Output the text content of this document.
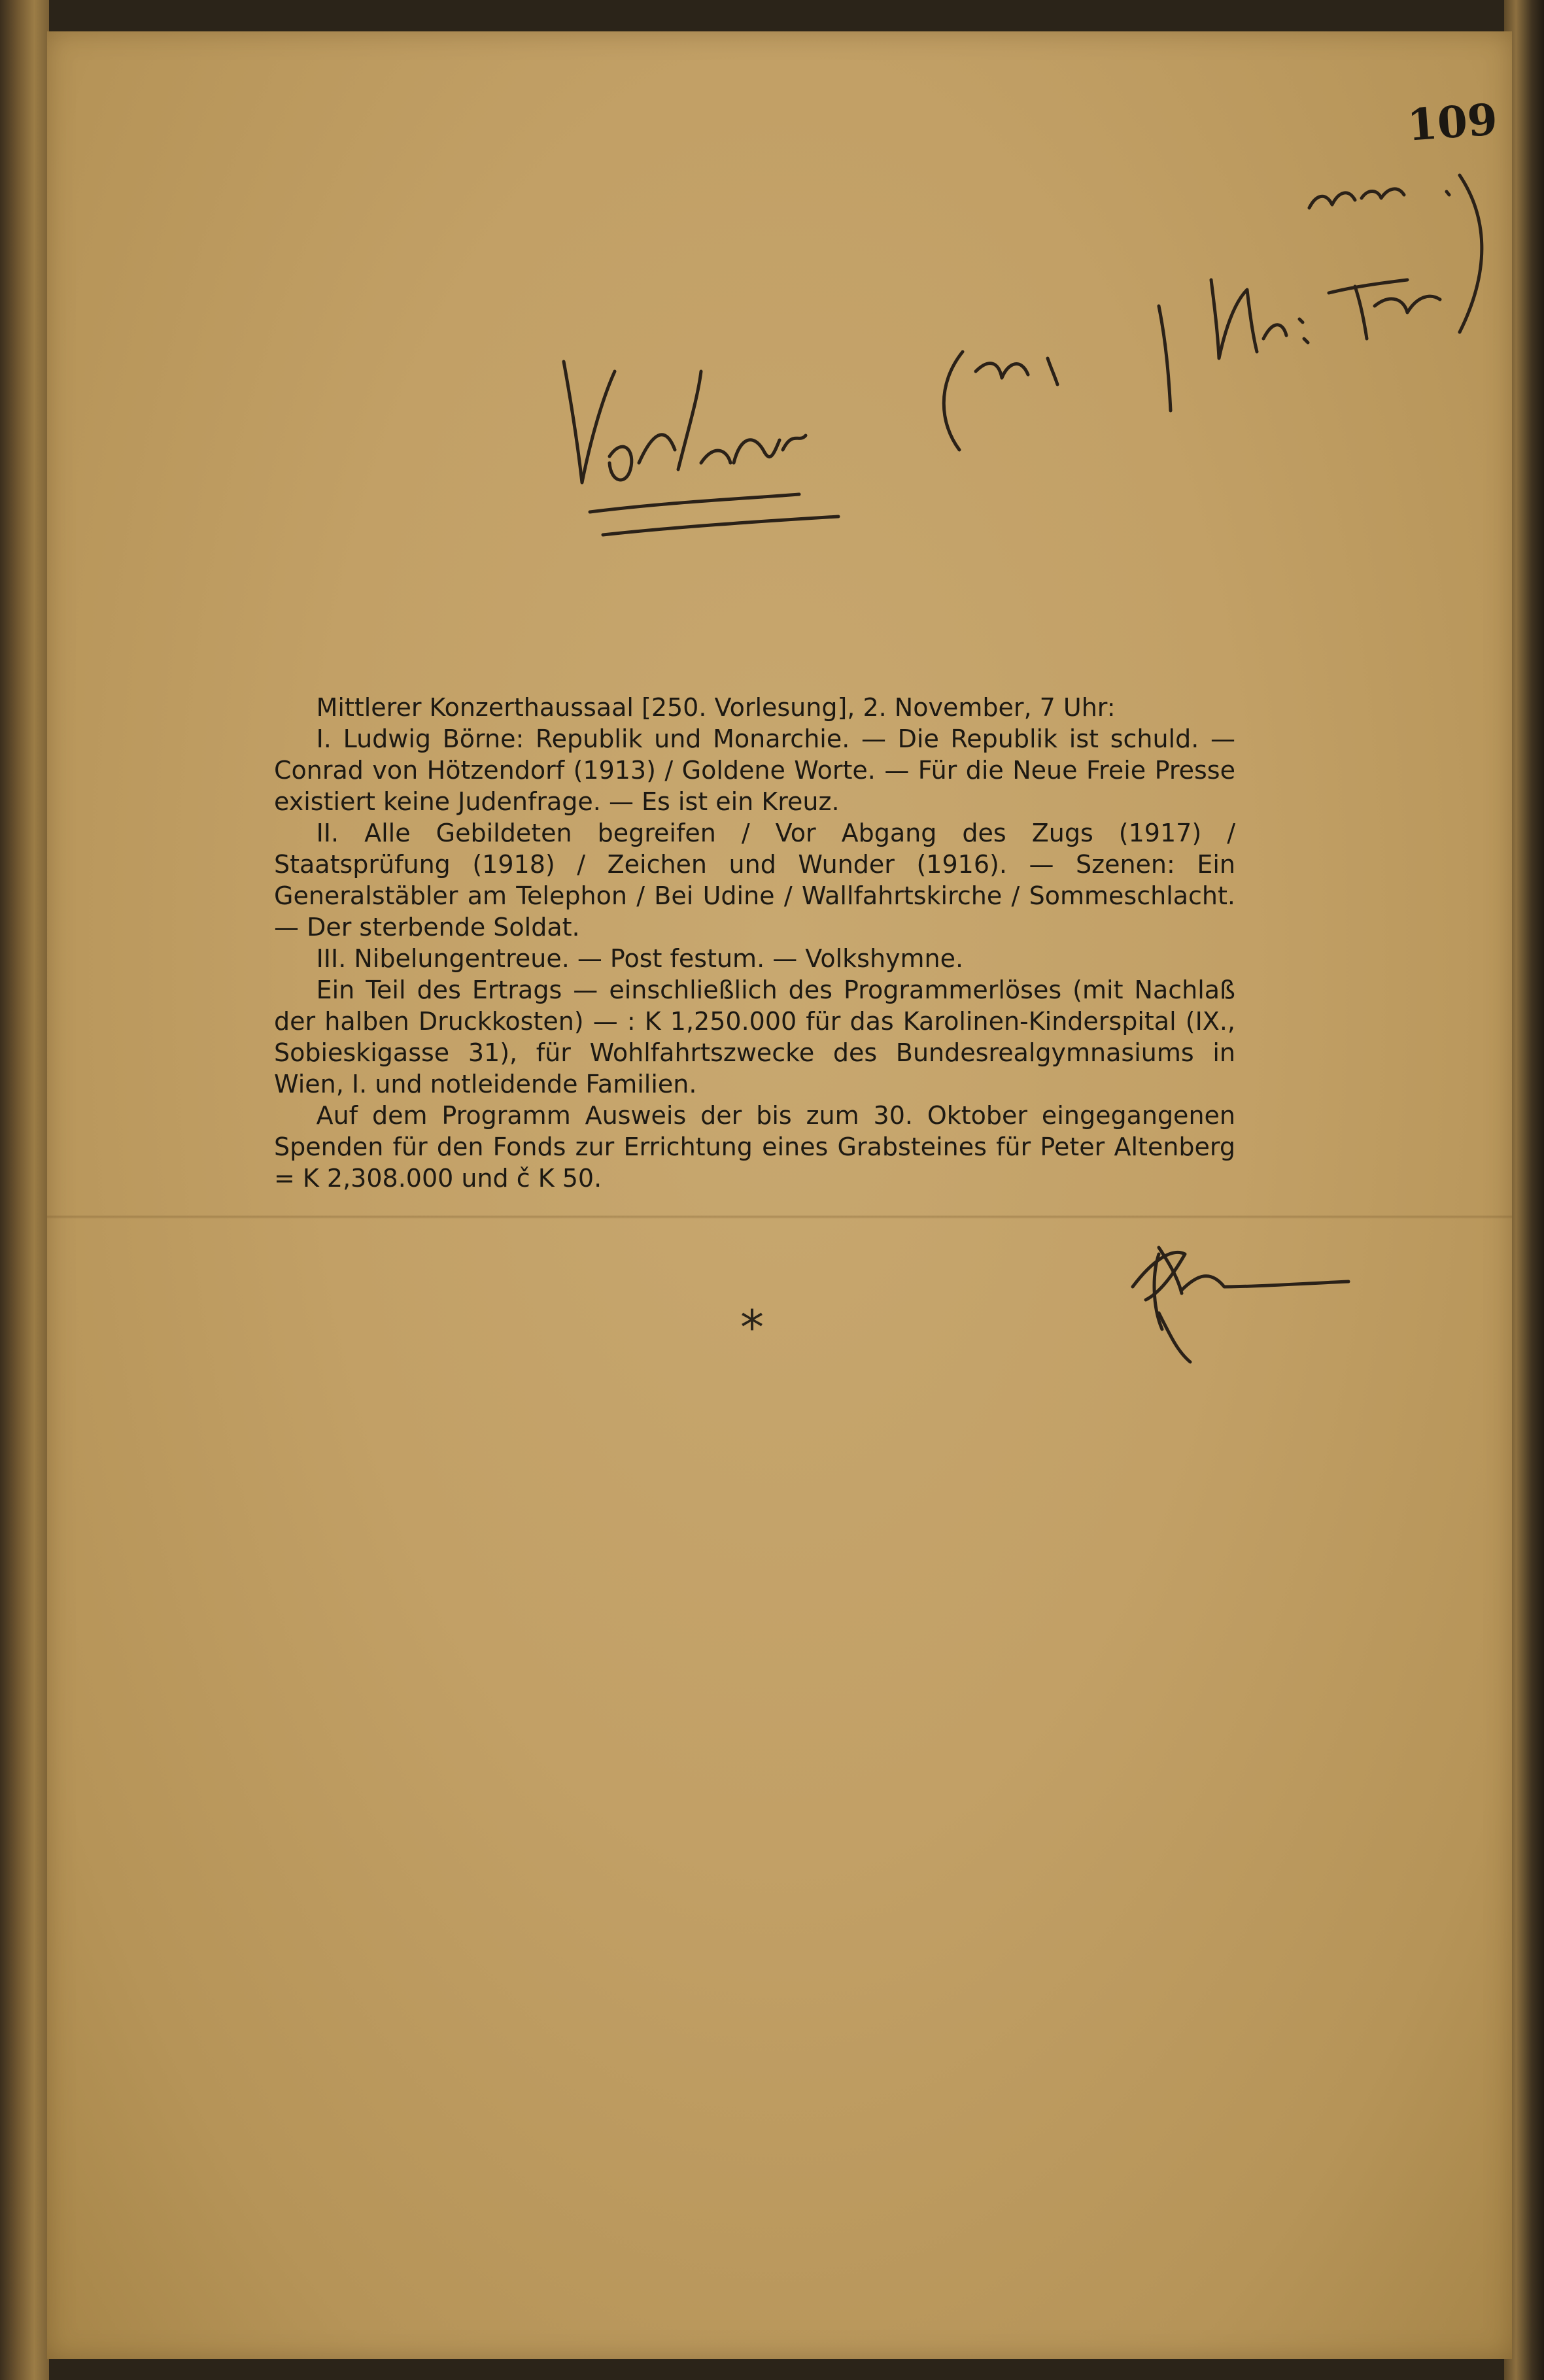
109

Mittlerer Konzerthaussaal [250. Vorlesung], 2. November, 7 Uhr:

I. Ludwig Börne: Republik und Monarchie. — Die Republik ist schuld. — Conrad von Hötzendorf (1913) / Goldene Worte. — Für die Neue Freie Presse existiert keine Judenfrage. — Es ist ein Kreuz.

II. Alle Gebildeten begreifen / Vor Abgang des Zugs (1917) / Staatsprüfung (1918) / Zeichen und Wunder (1916). — Szenen: Ein Generalstäbler am Telephon / Bei Udine / Wallfahrtskirche / Sommeschlacht. — Der sterbende Soldat.

III. Nibelungentreue. — Post festum. — Volkshymne.

Ein Teil des Ertrags — einschließlich des Programmerlöses (mit Nachlaß der halben Druckkosten) — : K 1,250.000 für das Karolinen-Kinderspital (IX., Sobieskigasse 31), für Wohlfahrtszwecke des Bundesrealgymnasiums in Wien, I. und notleidende Familien.

Auf dem Programm Ausweis der bis zum 30. Oktober eingegangenen Spenden für den Fonds zur Errichtung eines Grabsteines für Peter Altenberg = K 2,308.000 und č K 50.

*
